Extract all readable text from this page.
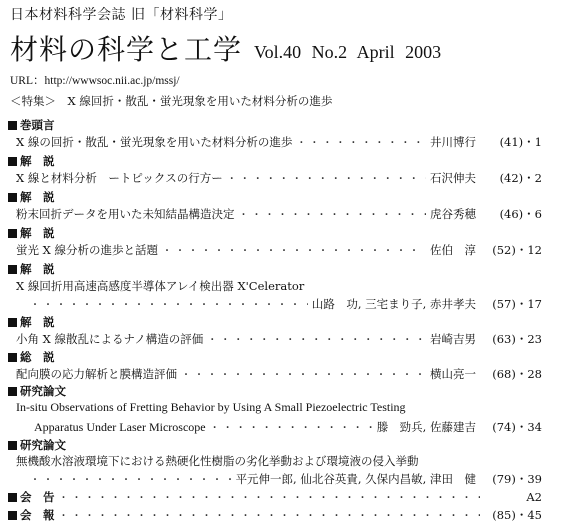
日本材料科学会誌 旧「材料科学」
材料の科学と工学 Vol.40 No.2 April 2003
URL：http://wwwsoc.nii.ac.jp/mssj/
＜特集＞　X 線回折・散乱・蛍光現象を用いた材料分析の進歩
巻頭言
X 線の回折・散乱・蛍光現象を用いた材料分析の進歩 ・・・・・・・・・・・・・・・・・・・・・・・・・・・・・・・・・・・・・・・・・・・・・・・・・・・・・・・・・・・・・・・・・・・・	井川博行	(41)・1
解　説
X 線と材料分析　ートピックスの行方ー ・・・・・・・・・・・・・・・・・・・・・・・・・・・・・・・・・・・・・・・・・・・・・・・・・・・・・・・・・・・・・・・・・・・・	石沢伸夫	(42)・2
解　説
粉末回折データを用いた未知結晶構造決定 ・・・・・・・・・・・・・・・・・・・・・・・・・・・・・・・・・・・・・・・・・・・・・・・・・・・・・・・・・・・・・・・・・・・・	虎谷秀穂	(46)・6
解　説
蛍光 X 線分析の進歩と話題 ・・・・・・・・・・・・・・・・・・・・・・・・・・・・・・・・・・・・・・・・・・・・・・・・・・・・・・・・・・・・・・・・・・・・	佐伯　淳	(52)・12
解　説
X 線回折用高速高感度半導体アレイ検出器 X'Celerator
・・・・・・・・・・・・・・・・・・・・・・・・・・・・・・・・・・・・・・・・・・・・・・・・・・・・・・・・・・・・・・・・・・・・
山路　功, 三宅まり子, 赤井孝夫	(57)・17
解　説
小角 X 線散乱によるナノ構造の評価 ・・・・・・・・・・・・・・・・・・・・・・・・・・・・・・・・・・・・・・・・・・・・・・・・・・・・・・・・・・・・・・・・・・・・	岩崎吉男	(63)・23
総　説
配向膜の応力解析と膜構造評価 ・・・・・・・・・・・・・・・・・・・・・・・・・・・・・・・・・・・・・・・・・・・・・・・・・・・・・・・・・・・・・・・・・・・・	横山亮一	(68)・28
研究論文
In-situ Observations of Fretting Behavior by Using A Small Piezoelectric Testing
Apparatus Under Laser Microscope ・・・・・・・・・・・・・・・・・・・・・・・・・・・・・・・・・・・・・・・・・・・・・・・・・・・・・・・・・・・・・・・・・・・・	滕　勁兵, 佐藤建吉	(74)・34
研究論文
無機酸水溶液環境下における熱硬化性樹脂の劣化挙動および環境液の侵入挙動
・・・・・・・・・・・・・・・・・・・・・・・・・・・・・・・・・・・・・・・・・・・・・・・・・・・・・・・・・・・・・・・・・・・・
平元伸一郎, 仙北谷英貴, 久保内昌敏, 津田　健	(79)・39
会　告 ・・・・・・・・・・・・・・・・・・・・・・・・・・・・・・・・・・・・・・・・・・・・・・・・・・・・・・・・・・・・・・・・・・・・	A2
会　報 ・・・・・・・・・・・・・・・・・・・・・・・・・・・・・・・・・・・・・・・・・・・・・・・・・・・・・・・・・・・・・・・・・・・・	(85)・45
